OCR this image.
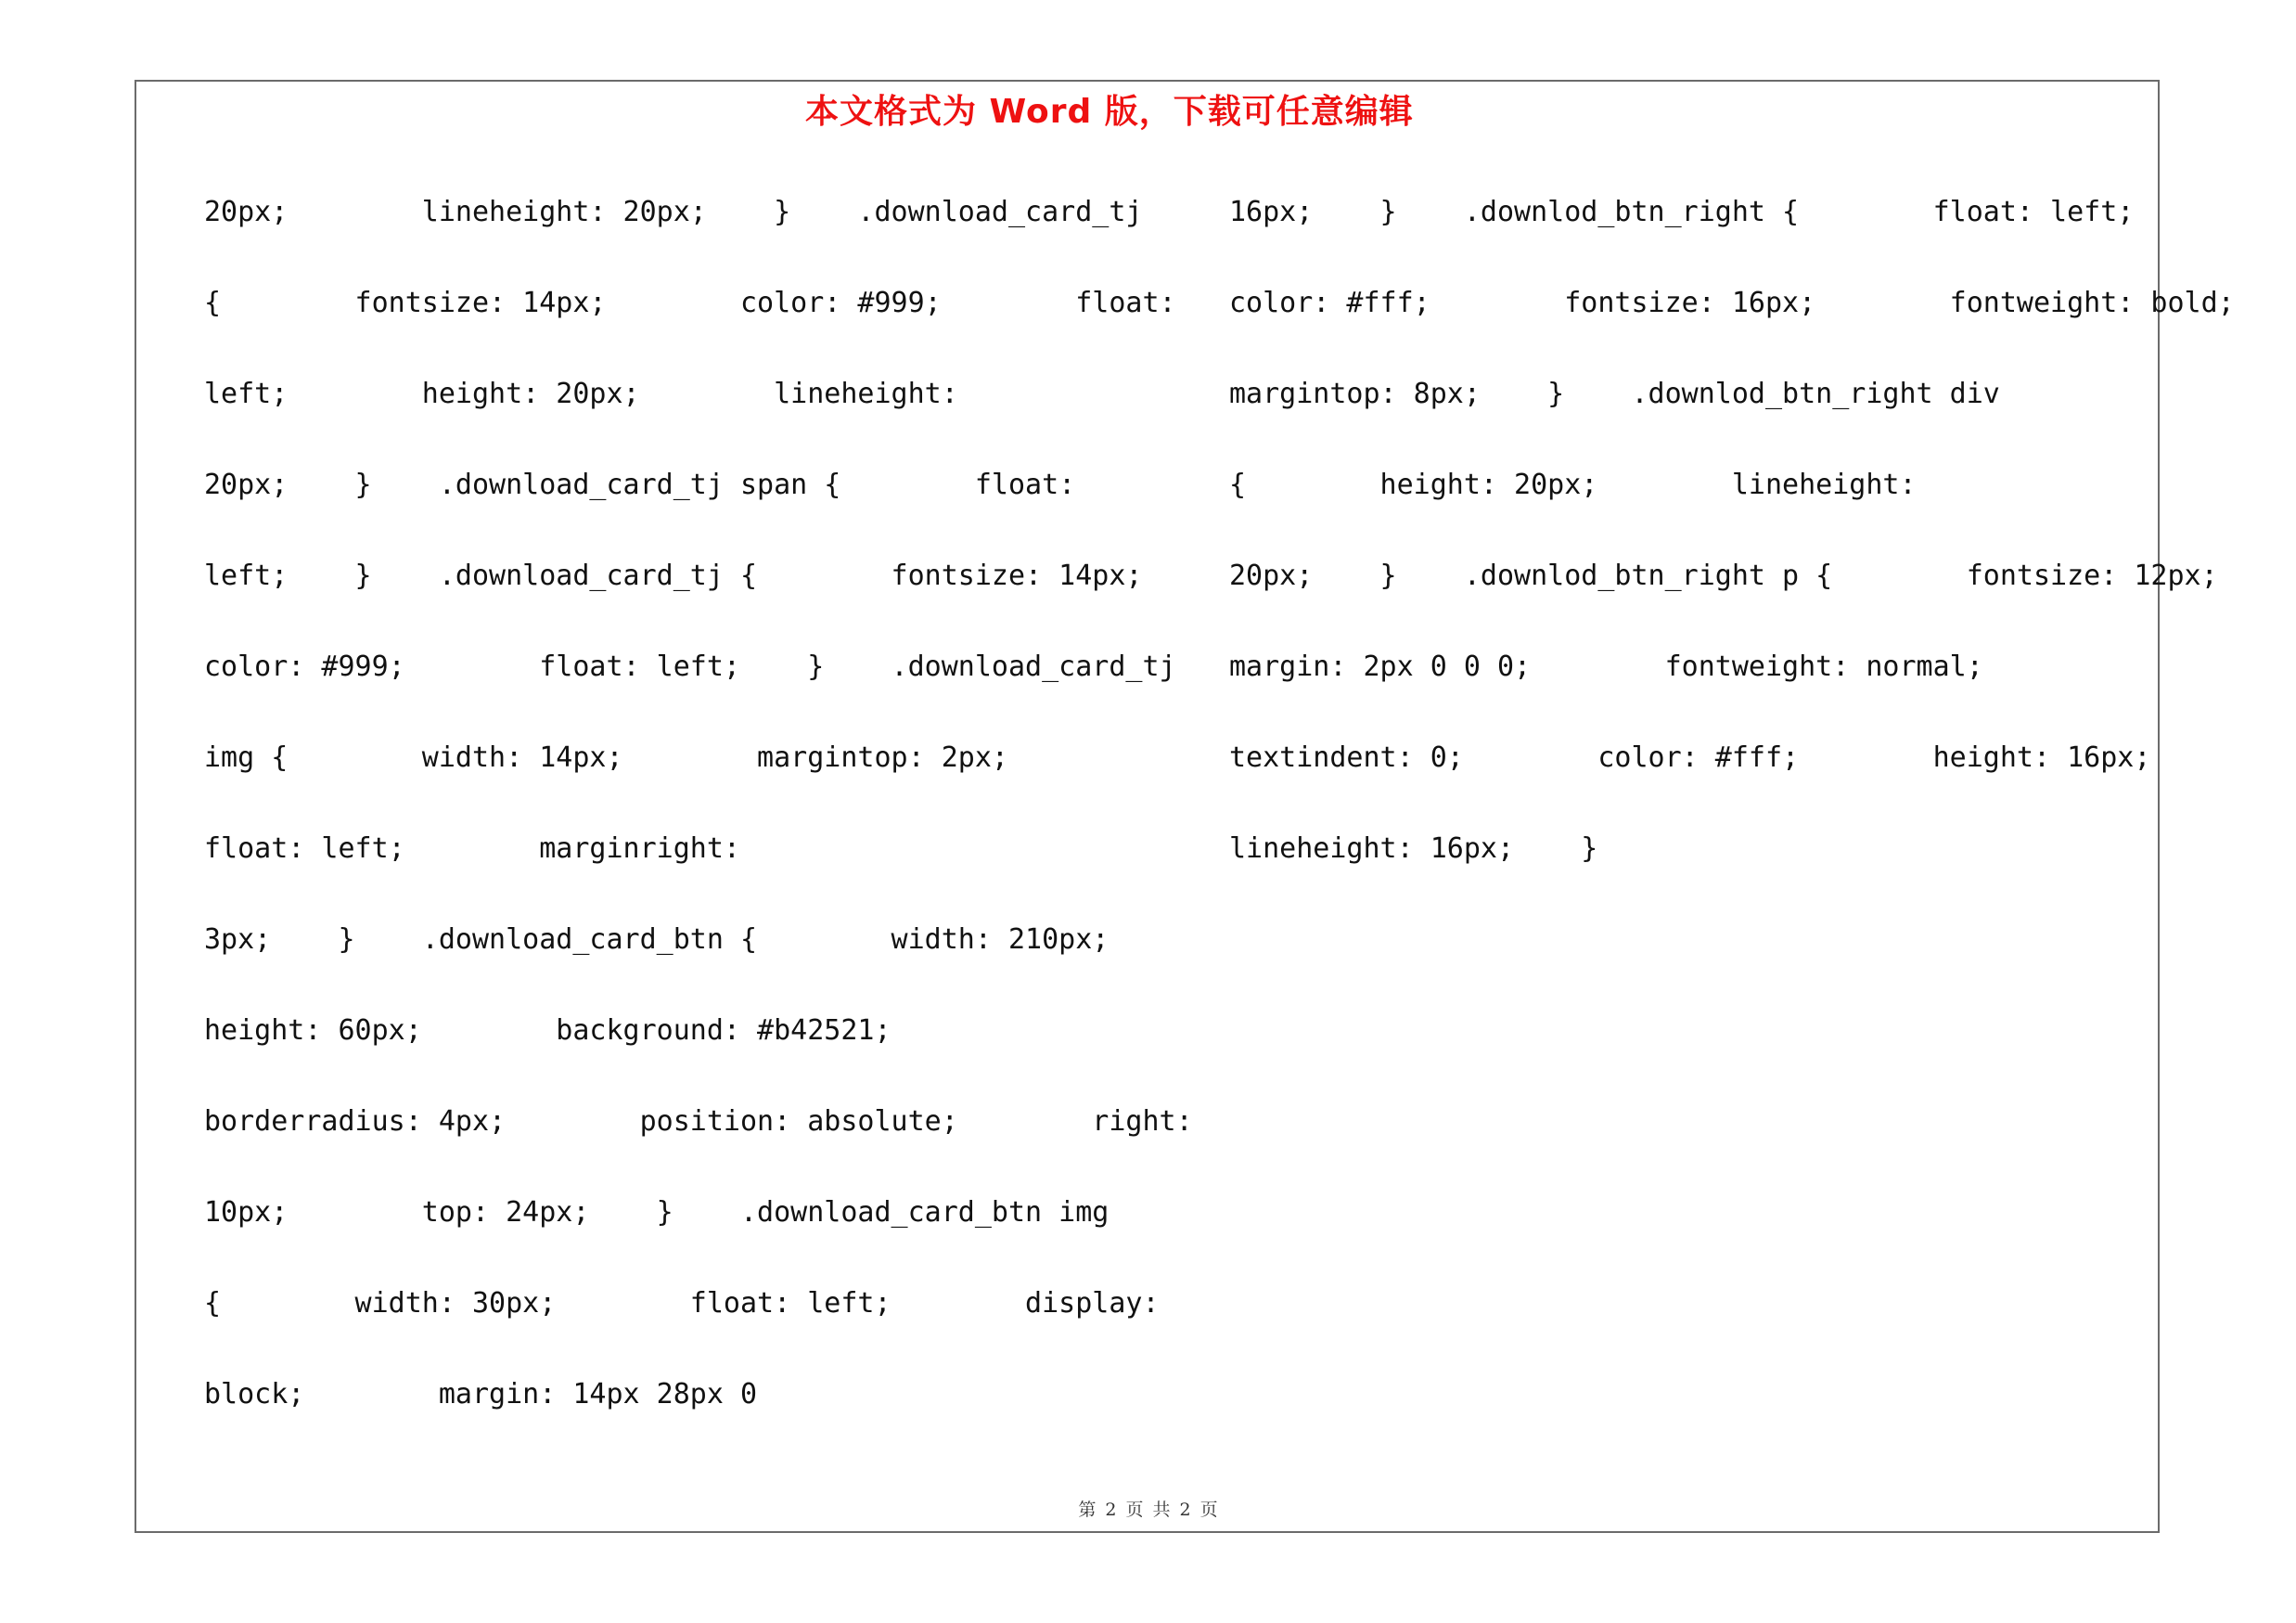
本文格式为 Word 版，下载可任意编辑
20px;        lineheight: 20px;    }    .download_card_tj
{        fontsize: 14px;        color: #999;        float:
left;        height: 20px;        lineheight:
20px;    }    .download_card_tj span {        float:
left;    }    .download_card_tj {        fontsize: 14px;
color: #999;        float: left;    }    .download_card_tj
img {        width: 14px;        margintop: 2px;
float: left;        marginright:
3px;    }    .download_card_btn {        width: 210px;
height: 60px;        background: #b42521;
borderradius: 4px;        position: absolute;        right:
10px;        top: 24px;    }    .download_card_btn img
{        width: 30px;        float: left;        display:
block;        margin: 14px 28px 0
16px;    }    .downlod_btn_right {        float: left;
color: #fff;        fontsize: 16px;        fontweight: bold;
margintop: 8px;    }    .downlod_btn_right div
{        height: 20px;        lineheight:
20px;    }    .downlod_btn_right p {        fontsize: 12px;
margin: 2px 0 0 0;        fontweight: normal;
textindent: 0;        color: #fff;        height: 16px;
lineheight: 16px;    }
第 2 页 共 2 页
